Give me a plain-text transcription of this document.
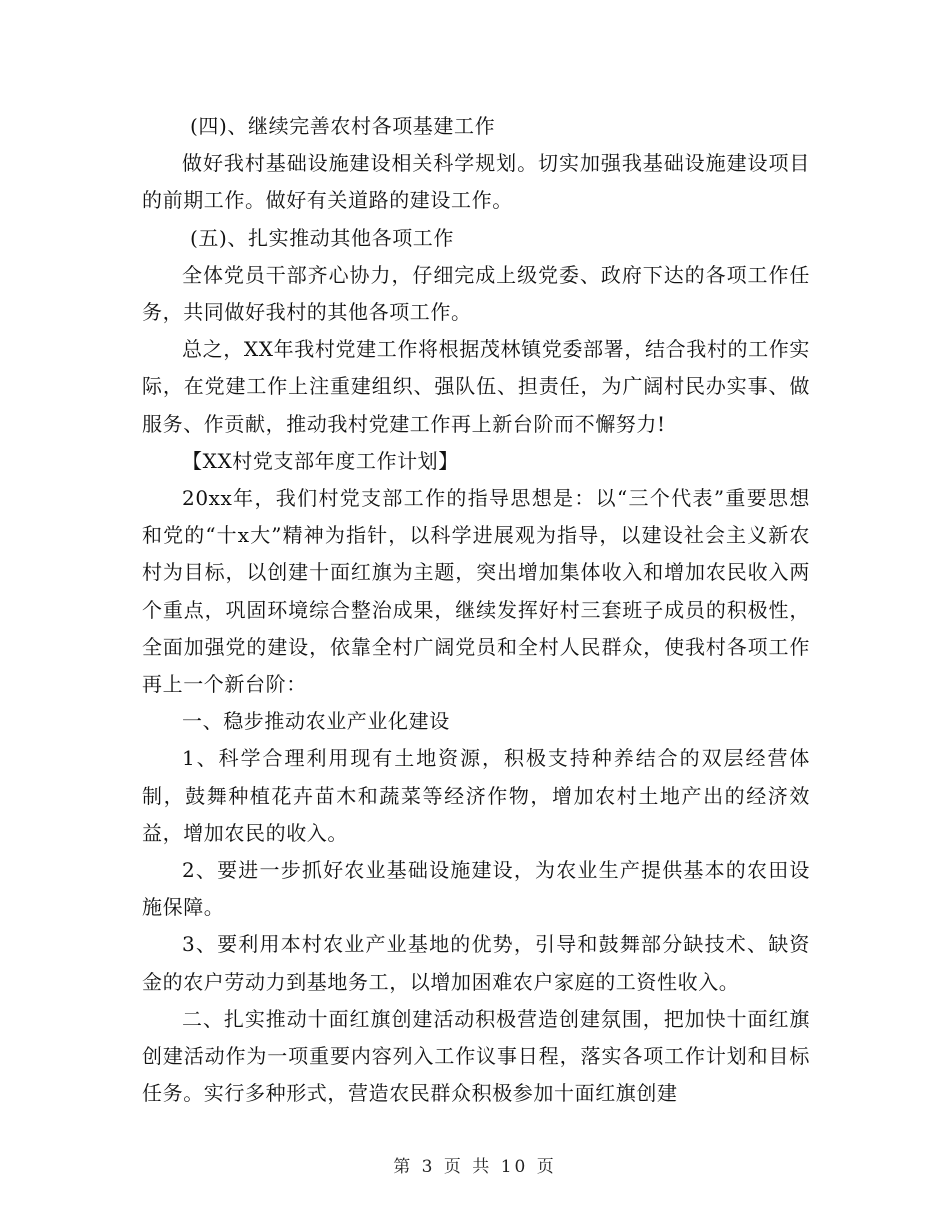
(四)、继续完善农村各项基建工作

做好我村基础设施建设相关科学规划。切实加强我基础设施建设项目的前期工作。做好有关道路的建设工作。

(五)、扎实推动其他各项工作

全体党员干部齐心协力，仔细完成上级党委、政府下达的各项工作任务，共同做好我村的其他各项工作。

总之，XX年我村党建工作将根据茂林镇党委部署，结合我村的工作实际，在党建工作上注重建组织、强队伍、担责任，为广阔村民办实事、做服务、作贡献，推动我村党建工作再上新台阶而不懈努力!

【XX村党支部年度工作计划】

20xx年，我们村党支部工作的指导思想是：以“三个代表”重要思想和党的“十x大”精神为指针，以科学进展观为指导，以建设社会主义新农村为目标，以创建十面红旗为主题，突出增加集体收入和增加农民收入两个重点，巩固环境综合整治成果，继续发挥好村三套班子成员的积极性，全面加强党的建设，依靠全村广阔党员和全村人民群众，使我村各项工作再上一个新台阶：

一、稳步推动农业产业化建设

1、科学合理利用现有土地资源，积极支持种养结合的双层经营体制，鼓舞种植花卉苗木和蔬菜等经济作物，增加农村土地产出的经济效益，增加农民的收入。

2、要进一步抓好农业基础设施建设，为农业生产提供基本的农田设施保障。

3、要利用本村农业产业基地的优势，引导和鼓舞部分缺技术、缺资金的农户劳动力到基地务工，以增加困难农户家庭的工资性收入。

二、扎实推动十面红旗创建活动积极营造创建氛围，把加快十面红旗创建活动作为一项重要内容列入工作议事日程，落实各项工作计划和目标任务。实行多种形式，营造农民群众积极参加十面红旗创建

第 3 页 共 10 页
